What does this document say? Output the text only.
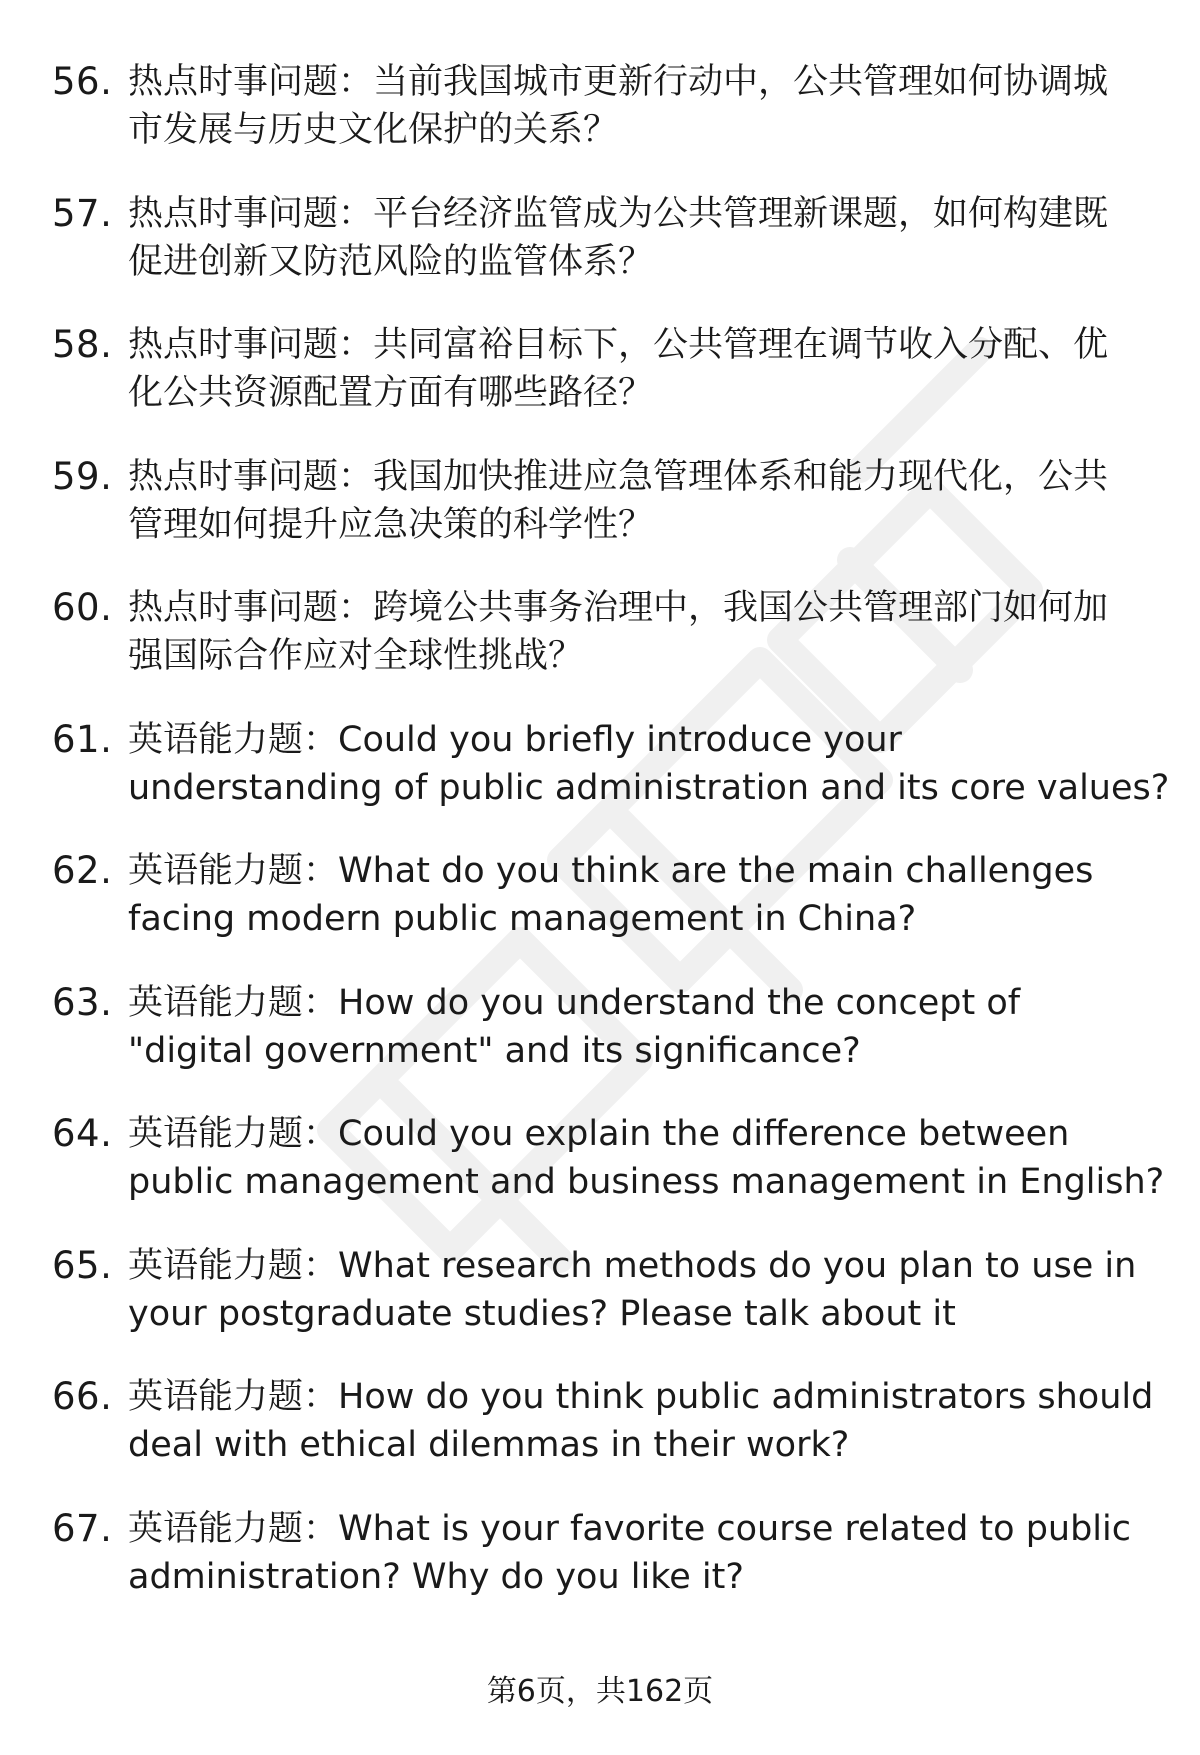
56. 热点时事问题：当前我国城市更新行动中，公共管理如何协调城
市发展与历史文化保护的关系？
57. 热点时事问题：平台经济监管成为公共管理新课题，如何构建既
促进创新又防范风险的监管体系？
58. 热点时事问题：共同富裕目标下，公共管理在调节收入分配、优
化公共资源配置方面有哪些路径？
59. 热点时事问题：我国加快推进应急管理体系和能力现代化，公共
管理如何提升应急决策的科学性？
60. 热点时事问题：跨境公共事务治理中，我国公共管理部门如何加
强国际合作应对全球性挑战？
61. 英语能力题：Could you briefly introduce your
understanding of public administration and its core values?
62. 英语能力题：What do you think are the main challenges
facing modern public management in China?
63. 英语能力题：How do you understand the concept of
"digital government" and its significance?
64. 英语能力题：Could you explain the difference between
public management and business management in English?
65. 英语能力题：What research methods do you plan to use in
your postgraduate studies? Please talk about it
66. 英语能力题：How do you think public administrators should
deal with ethical dilemmas in their work?
67. 英语能力题：What is your favorite course related to public
administration? Why do you like it?
第6页，共162页
